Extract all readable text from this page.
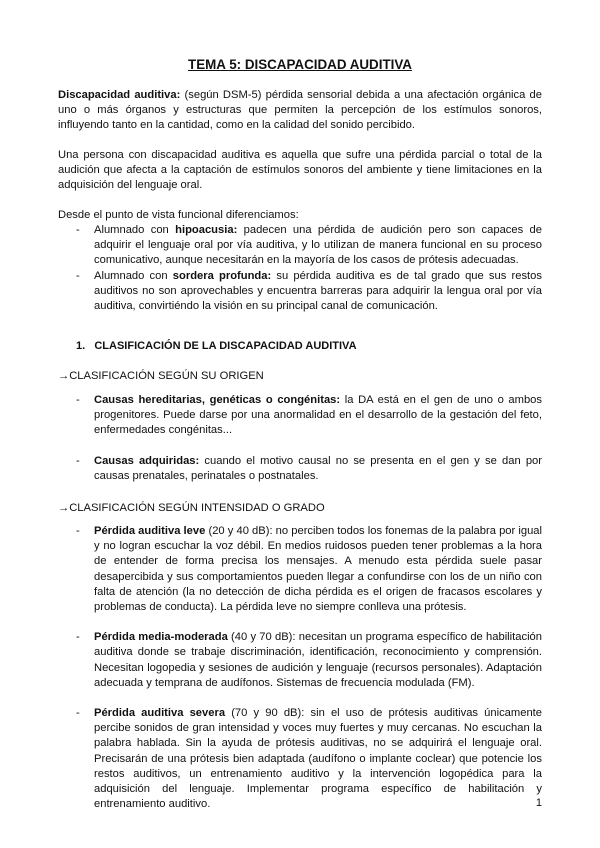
TEMA 5: DISCAPACIDAD AUDITIVA

Discapacidad auditiva: (según DSM-5) pérdida sensorial debida a una afectación orgánica de uno o más órganos y estructuras que permiten la percepción de los estímulos sonoros, influyendo tanto en la cantidad, como en la calidad del sonido percibido.

Una persona con discapacidad auditiva es aquella que sufre una pérdida parcial o total de la audición que afecta a la captación de estímulos sonoros del ambiente y tiene limitaciones en la adquisición del lenguaje oral.

Desde el punto de vista funcional diferenciamos:

- Alumnado con hipoacusia: padecen una pérdida de audición pero son capaces de adquirir el lenguaje oral por vía auditiva, y lo utilizan de manera funcional en su proceso comunicativo, aunque necesitarán en la mayoría de los casos de prótesis adecuadas.
- Alumnado con sordera profunda: su pérdida auditiva es de tal grado que sus restos auditivos no son aprovechables y encuentra barreras para adquirir la lengua oral por vía auditiva, convirtiéndo la visión en su principal canal de comunicación.
1. CLASIFICACIÓN DE LA DISCAPACIDAD AUDITIVA
→CLASIFICACIÓN SEGÚN SU ORIGEN
- Causas hereditarias, genéticas o congénitas: la DA está en el gen de uno o ambos progenitores. Puede darse por una anormalidad en el desarrollo de la gestación del feto, enfermedades congénitas...
- Causas adquiridas: cuando el motivo causal no se presenta en el gen y se dan por causas prenatales, perinatales o postnatales.
→CLASIFICACIÓN SEGÚN INTENSIDAD O GRADO
- Pérdida auditiva leve (20 y 40 dB): no perciben todos los fonemas de la palabra por igual y no logran escuchar la voz débil. En medios ruidosos pueden tener problemas a la hora de entender de forma precisa los mensajes. A menudo esta pérdida suele pasar desapercibida y sus comportamientos pueden llegar a confundirse con los de un niño con falta de atención (la no detección de dicha pérdida es el origen de fracasos escolares y problemas de conducta). La pérdida leve no siempre conlleva una prótesis.
- Pérdida media-moderada (40 y 70 dB): necesitan un programa específico de habilitación auditiva donde se trabaje discriminación, identificación, reconocimiento y comprensión. Necesitan logopedia y sesiones de audición y lenguaje (recursos personales). Adaptación adecuada y temprana de audífonos. Sistemas de frecuencia modulada (FM).
- Pérdida auditiva severa (70 y 90 dB): sin el uso de prótesis auditivas únicamente percibe sonidos de gran intensidad y voces muy fuertes y muy cercanas. No escuchan la palabra hablada. Sin la ayuda de prótesis auditivas, no se adquirirá el lenguaje oral. Precisarán de una prótesis bien adaptada (audífono o implante coclear) que potencie los restos auditivos, un entrenamiento auditivo y la intervención logopédica para la adquisición del lenguaje. Implementar programa específico de habilitación y entrenamiento auditivo.	1
